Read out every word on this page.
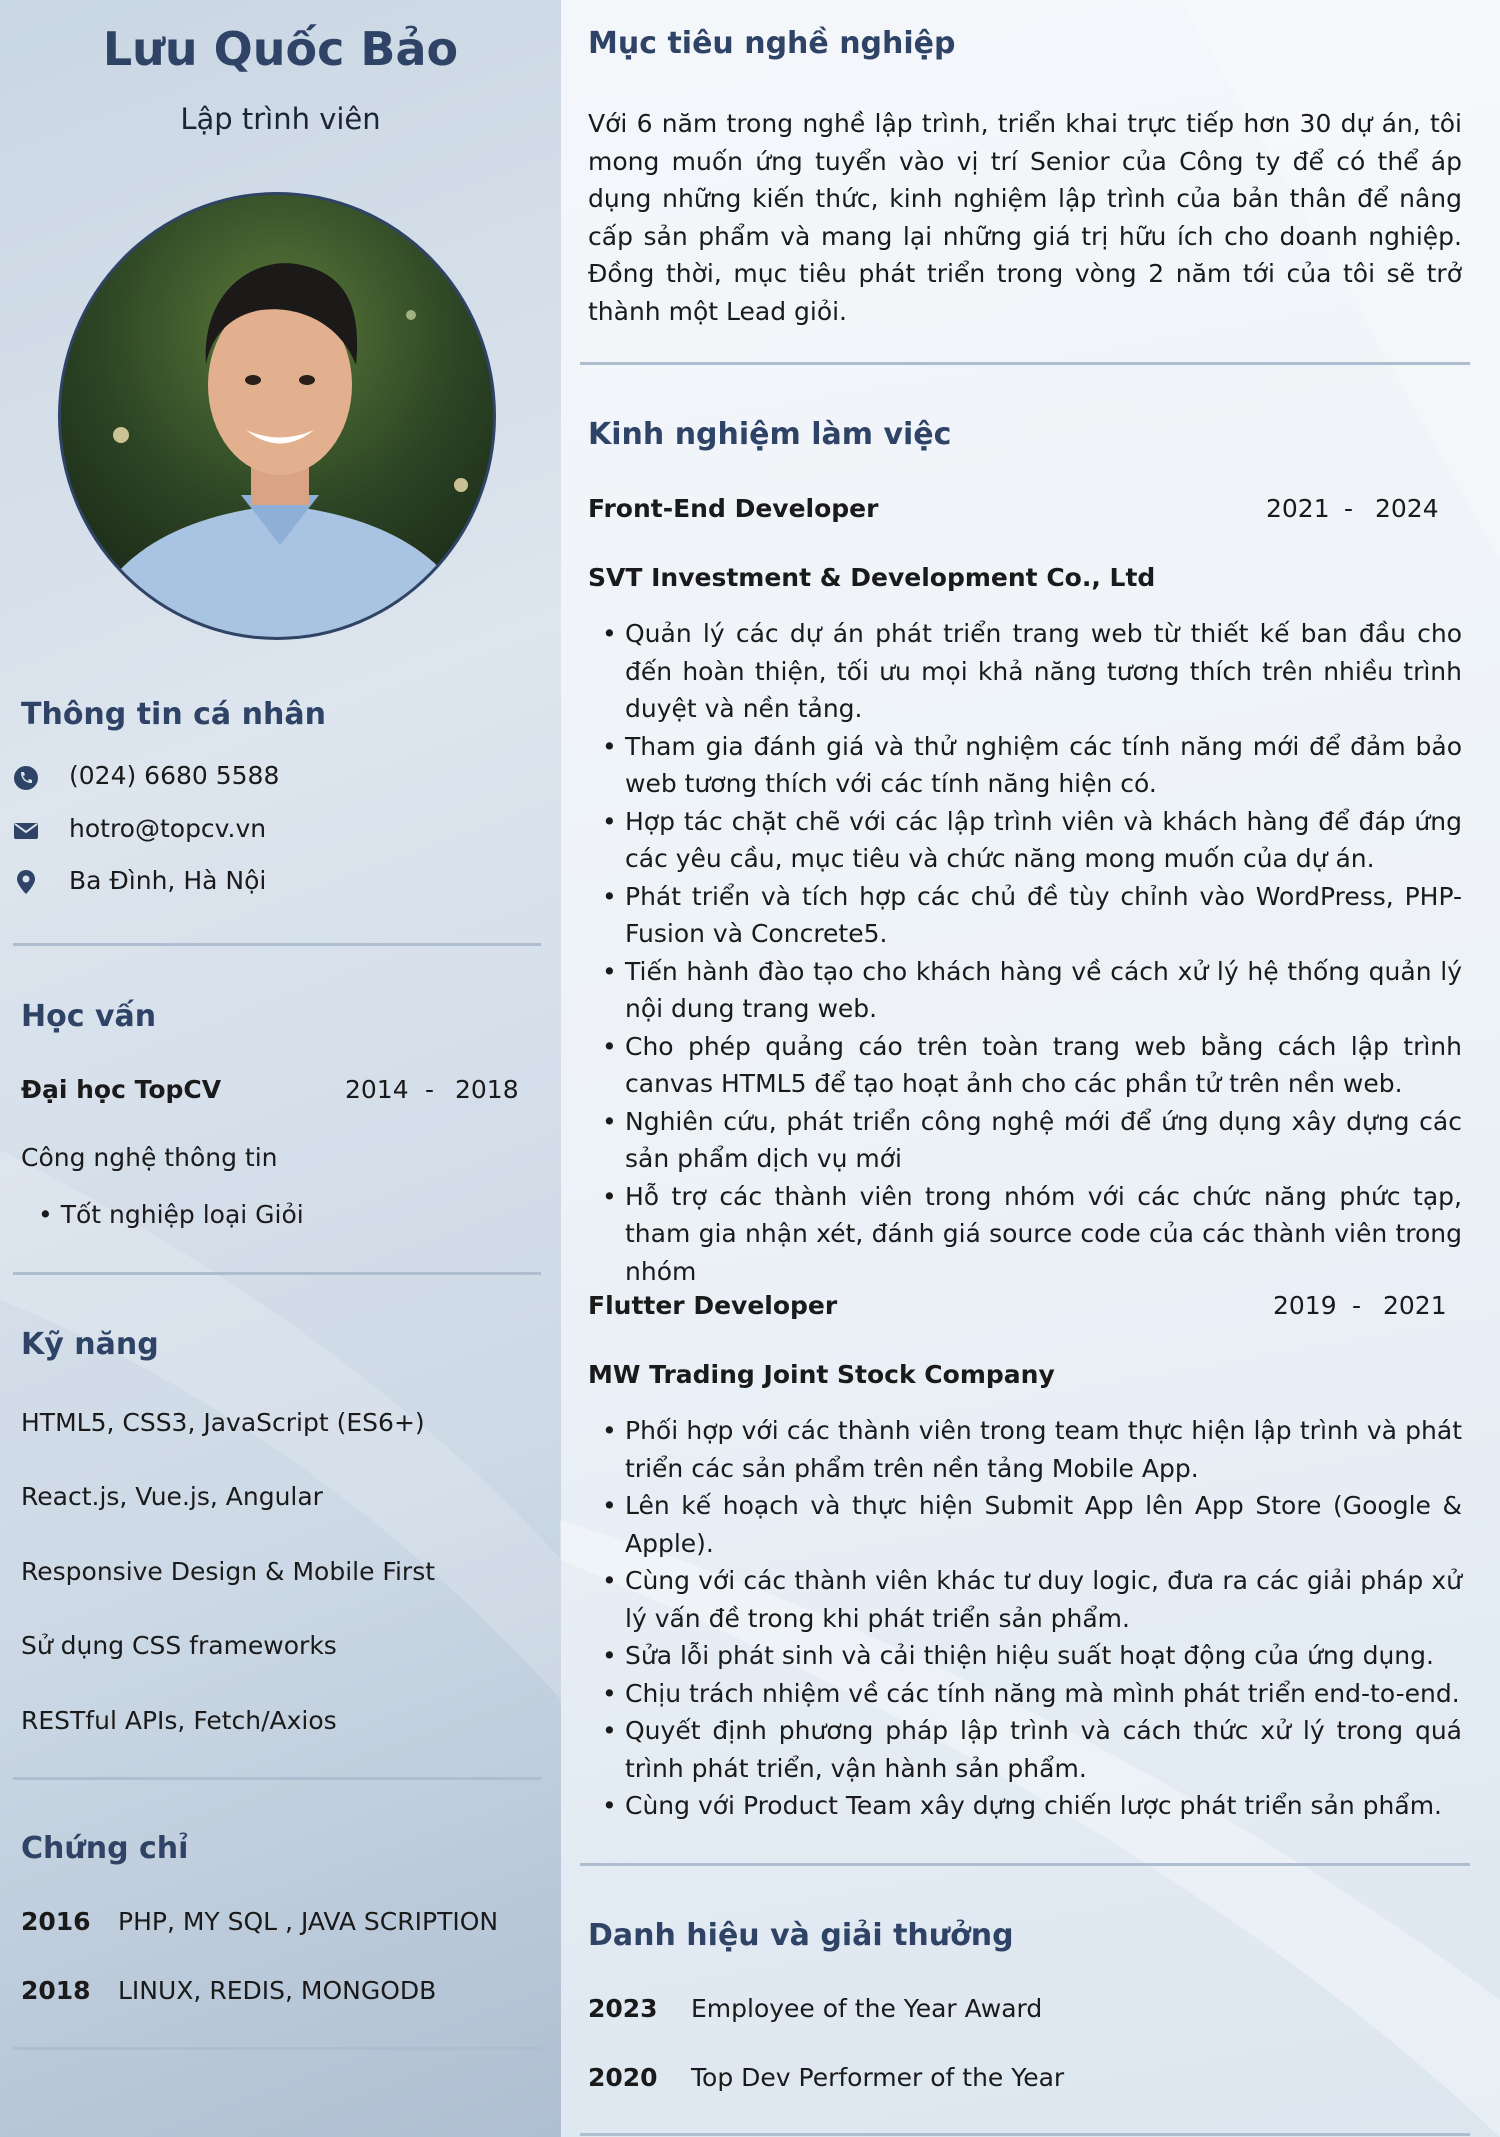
Lưu Quốc Bảo
Lập trình viên
Thông tin cá nhân
(024) 6680 5588
hotro@topcv.vn
Ba Đình, Hà Nội
Học vấn
Đại học TopCV	2014 - 2018
Công nghệ thông tin
• Tốt nghiệp loại Giỏi
Kỹ năng
HTML5, CSS3, JavaScript (ES6+)
React.js, Vue.js, Angular
Responsive Design & Mobile First
Sử dụng CSS frameworks
RESTful APIs, Fetch/Axios
Chứng chỉ
2016 PHP, MY SQL , JAVA SCRIPTION
2018 LINUX, REDIS, MONGODB
Mục tiêu nghề nghiệp
Với 6 năm trong nghề lập trình, triển khai trực tiếp hơn 30 dự án, tôi mong muốn ứng tuyển vào vị trí Senior của Công ty để có thể áp dụng những kiến thức, kinh nghiệm lập trình của bản thân để nâng cấp sản phẩm và mang lại những giá trị hữu ích cho doanh nghiệp. Đồng thời, mục tiêu phát triển trong vòng 2 năm tới của tôi sẽ trở thành một Lead giỏi.
Kinh nghiệm làm việc
Front-End Developer	2021 - 2024
SVT Investment & Development Co., Ltd
• Quản lý các dự án phát triển trang web từ thiết kế ban đầu cho đến hoàn thiện, tối ưu mọi khả năng tương thích trên nhiều trình duyệt và nền tảng.
• Tham gia đánh giá và thử nghiệm các tính năng mới để đảm bảo web tương thích với các tính năng hiện có.
• Hợp tác chặt chẽ với các lập trình viên và khách hàng để đáp ứng các yêu cầu, mục tiêu và chức năng mong muốn của dự án.
• Phát triển và tích hợp các chủ đề tùy chỉnh vào WordPress, PHP-Fusion và Concrete5.
• Tiến hành đào tạo cho khách hàng về cách xử lý hệ thống quản lý nội dung trang web.
• Cho phép quảng cáo trên toàn trang web bằng cách lập trình canvas HTML5 để tạo hoạt ảnh cho các phần tử trên nền web.
• Nghiên cứu, phát triển công nghệ mới để ứng dụng xây dựng các sản phẩm dịch vụ mới
• Hỗ trợ các thành viên trong nhóm với các chức năng phức tạp, tham gia nhận xét, đánh giá source code của các thành viên trong nhóm
Flutter Developer	2019 - 2021
MW Trading Joint Stock Company
• Phối hợp với các thành viên trong team thực hiện lập trình và phát triển các sản phẩm trên nền tảng Mobile App.
• Lên kế hoạch và thực hiện Submit App lên App Store (Google & Apple).
• Cùng với các thành viên khác tư duy logic, đưa ra các giải pháp xử lý vấn đề trong khi phát triển sản phẩm.
• Sửa lỗi phát sinh và cải thiện hiệu suất hoạt động của ứng dụng.
• Chịu trách nhiệm về các tính năng mà mình phát triển end-to-end.
• Quyết định phương pháp lập trình và cách thức xử lý trong quá trình phát triển, vận hành sản phẩm.
• Cùng với Product Team xây dựng chiến lược phát triển sản phẩm.
Danh hiệu và giải thưởng
2023 Employee of the Year Award
2020 Top Dev Performer of the Year
